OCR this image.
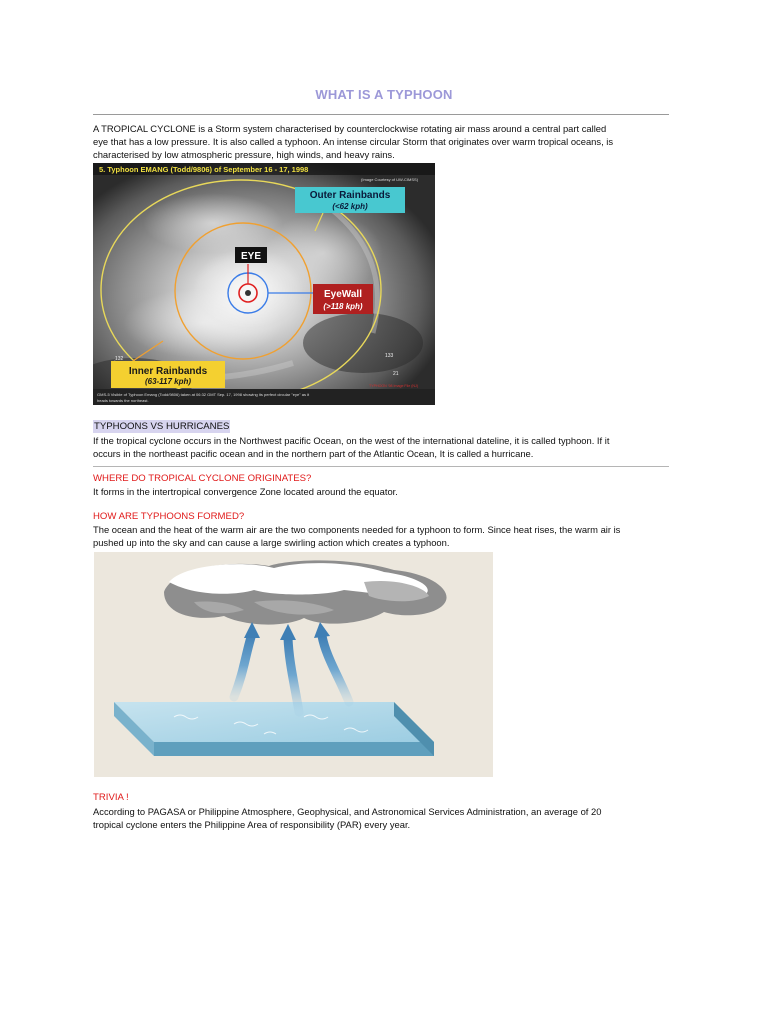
WHAT IS A TYPHOON
A TROPICAL CYCLONE is a Storm system characterised by counterclockwise rotating air mass around a central part called
eye that has a low pressure. It is also called a typhoon. An intense circular Storm that originates over warm tropical oceans, is
characterised by low atmospheric pressure, high winds, and heavy rains.
5. Typhoon EMANG (Todd/9806) of September 16 - 17, 1998
(Image Courtesy of UW-CIMSS)
Outer Rainbands
(<62 kph)
EYE
EyeWall
(>118 kph)
Inner Rainbands
(63-117 kph)
132	133
21
TYPHOON '98 Image File (NJ)
GMS-5 Visible of Typhoon Emang (Todd/9806) taken at 06:32 GMT Sep. 17, 1998 showing its perfect circular "eye" as it
heads towards the northeast.
TYPHOONS VS HURRICANES
If the tropical cyclone occurs in the Northwest pacific Ocean, on the west of the international dateline, it is called typhoon. If it
occurs in the northeast pacific ocean and in the northern part of the Atlantic Ocean, It is called a hurricane.
WHERE DO TROPICAL CYCLONE ORIGINATES?
It forms in the intertropical convergence Zone located around the equator.
HOW ARE TYPHOONS FORMED?
The ocean and the heat of the warm air are the two components needed for a typhoon to form. Since heat rises, the warm air is
pushed up into the sky and can cause a large swirling action which creates a typhoon.
TRIVIA !
According to PAGASA or Philippine Atmosphere, Geophysical, and Astronomical Services Administration, an average of 20
tropical cyclone enters the Philippine Area of responsibility (PAR) every year.
